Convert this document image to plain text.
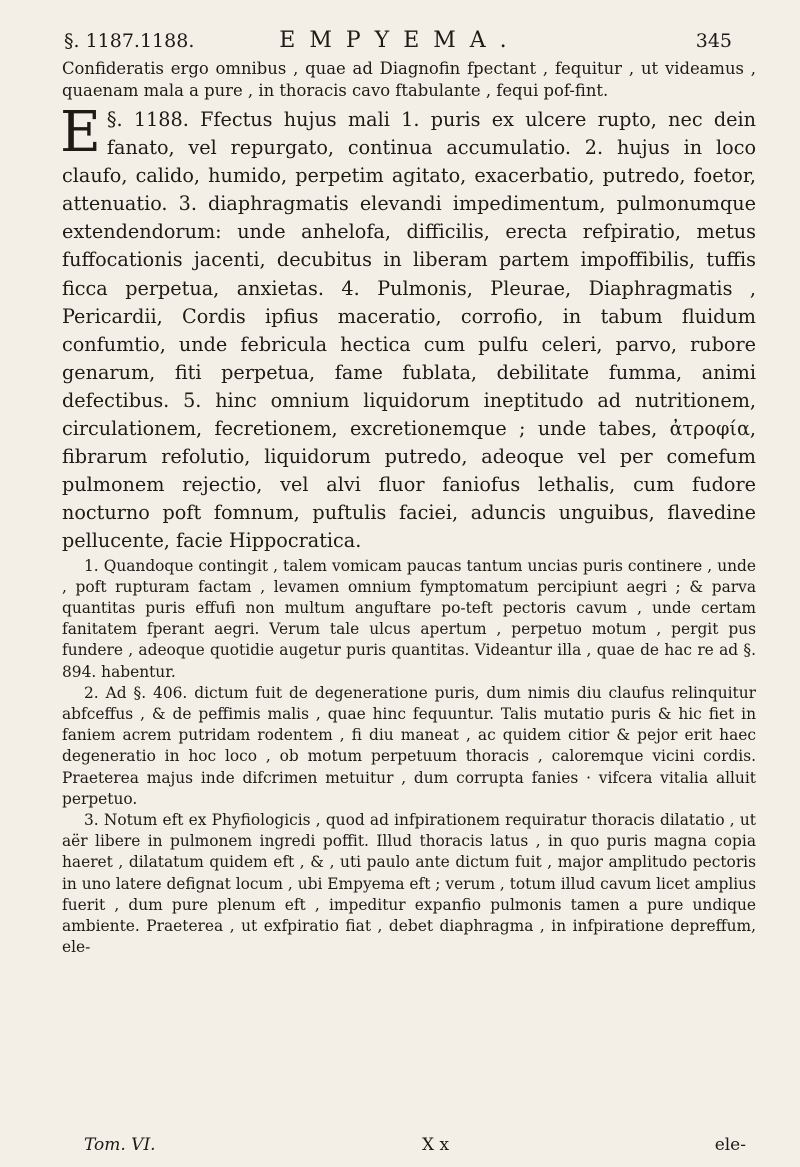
§. 1187.1188.	EMPYEMA.	345
Confideratis ergo omnibus , quae ad Diagnofin fpectant , fequitur , ut videamus , quaenam mala a pure , in thoracis cavo ftabulante , fequi pof-fint.
§. 1188.
E	Ffectus hujus mali 1. puris ex ulcere rupto, nec dein fanato, vel repurgato, continua accumulatio. 2. hujus in loco claufo, calido, humido, perpetim agitato, exacerbatio, putredo, foetor, attenuatio. 3. diaphragmatis elevandi impedimentum, pulmonumque extendendorum: unde anhelofa, difficilis, erecta refpiratio, metus fuffocationis jacenti, decubitus in liberam partem impoffibilis, tuffis ficca perpetua, anxietas. 4. Pulmonis, Pleurae, Diaphragmatis , Pericardii, Cordis ipfius maceratio, corrofio, in tabum fluidum confumtio, unde febricula hectica cum pulfu celeri, parvo, rubore genarum, fiti perpetua, fame fublata, debilitate fumma, animi defectibus. 5. hinc omnium liquidorum ineptitudo ad nutritionem, circulationem, fecretionem, excretionemque ; unde tabes, ἀτροφία, fibrarum refolutio, liquidorum putredo, adeoque vel per comefum pulmonem rejectio, vel alvi fluor faniofus lethalis, cum fudore nocturno poft fomnum, puftulis faciei, aduncis unguibus, flavedine pellucente, facie Hippocratica.

1. Quandoque contingit , talem vomicam paucas tantum uncias puris continere , unde , poft rupturam factam , levamen omnium fymptomatum percipiunt aegri ; & parva quantitas puris effufi non multum anguftare po-teft pectoris cavum , unde certam fanitatem fperant aegri. Verum tale ulcus apertum , perpetuo motum , pergit pus fundere , adeoque quotidie augetur puris quantitas. Videantur illa , quae de hac re ad §. 894. habentur.

2. Ad §. 406. dictum fuit de degeneratione puris, dum nimis diu claufus relinquitur abfceffus , & de peffimis malis , quae hinc fequuntur. Talis mutatio puris & hic fiet in faniem acrem putridam rodentem , fi diu maneat , ac quidem citior & pejor erit haec degeneratio in hoc loco , ob motum perpetuum thoracis , caloremque vicini cordis. Praeterea majus inde difcrimen metuitur , dum corrupta fanies · vifcera vitalia alluit perpetuo.

3. Notum eft ex Phyfiologicis , quod ad infpirationem requiratur thoracis dilatatio , ut aër libere in pulmonem ingredi poffit. Illud thoracis latus , in quo puris magna copia haeret , dilatatum quidem eft , & , uti paulo ante dictum fuit , major amplitudo pectoris in uno latere defignat locum , ubi Empyema eft ; verum , totum illud cavum licet amplius fuerit , dum pure plenum eft , impeditur expanfio pulmonis tamen a pure undique ambiente. Praeterea , ut exfpiratio fiat , debet diaphragma , in infpiratione depreffum, ele-

Tom. VI.	X x	ele-
